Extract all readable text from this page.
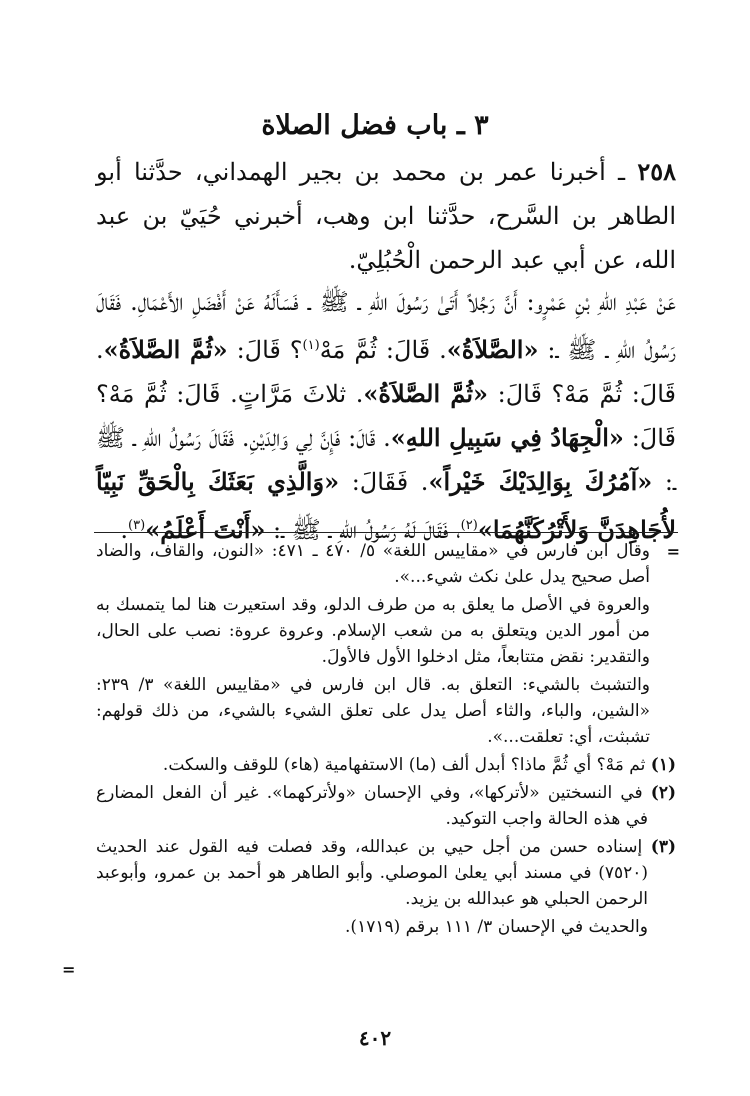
٣ ـ باب فضل الصلاة

٢٥٨ ـ أخبرنا عمر بن محمد بن بجير الهمداني، حدَّثنا أبو الطاهر بن السَّرح، حدَّثنا ابن وهب، أخبرني حُيَيّ بن عبد الله، عن أبي عبد الرحمن الْحُبُلِيّ.

عَنْ عَبْدِ اللهِ بْنِ عَمْرٍو: أَنَّ رَجُلاً أَتَىٰ رَسُولَ اللهِ ـ ﷺ ـ فَسَأَلَهُ عَنْ أَفْضَلِ الأَعْمَالِ. فَقَالَ رَسُولُ اللهِ ـ ﷺ ـ: «الصَّلاَةُ». قَالَ: ثُمَّ مَهْ$^{(١)}$؟ قَالَ: «ثُمَّ الصَّلاَةُ». قَالَ: ثُمَّ مَهْ؟ قَالَ: «ثُمَّ الصَّلاَةُ». ثلاثَ مَرَّاتٍ. قَالَ: ثُمَّ مَهْ؟ قَالَ: «الْجِهَادُ فِي سَبِيلِ اللهِ». قَالَ: فَإِنَّ لِي وَالِدَيْنِ. فَقَالَ رَسُولُ اللهِ ـ ﷺ ـ: «آمُرُكَ بِوَالِدَيْكَ خَيْراً». فَقَالَ: «وَالَّذِي بَعَثَكَ بِالْحَقِّ نَبِيّاً لأُجَاهِدَنَّ وَلأَتْرُكَنَّهُمَا»$^{(٢)}$، فَقَالَ لَهُ رَسُولُ اللهِ ـ ﷺ ـ: «أَنْتَ أَعْلَمُ»$^{(٣)}$.

=

وقال ابن فارس في «مقاييس اللغة» ٥/ ٤٧٠ ـ ٤٧١: «النون، والقاف، والضاد أصل صحيح يدل علىٰ نكث شيء...».

والعروة في الأصل ما يعلق به من طرف الدلو، وقد استعيرت هنا لما يتمسك به من أمور الدين ويتعلق به من شعب الإسلام. وعروة عروة: نصب على الحال، والتقدير: نقض متتابعاً، مثل ادخلوا الأول فالأولَ.

والتشبث بالشيء: التعلق به. قال ابن فارس في «مقاييس اللغة» ٣/ ٢٣٩: «الشين، والباء، والثاء أصل يدل على تعلق الشيء بالشيء، من ذلك قولهم: تشبثت، أي: تعلقت...».

(١) ثم مَهْ؟ أي ثُمَّ ماذا؟ أبدل ألف (ما) الاستفهامية (هاء) للوقف والسكت.

(٢) في النسختين «لأتركها»، وفي الإحسان «ولأتركهما». غير أن الفعل المضارع في هذه الحالة واجب التوكيد.

(٣) إسناده حسن من أجل حيي بن عبدالله، وقد فصلت فيه القول عند الحديث (٧٥٢٠) في مسند أبي يعلىٰ الموصلي. وأبو الطاهر هو أحمد بن عمرو، وأبوعبد الرحمن الحبلي هو عبدالله بن يزيد.

والحديث في الإحسان ٣/ ١١١ برقم (١٧١٩).

=
٤٠٢
